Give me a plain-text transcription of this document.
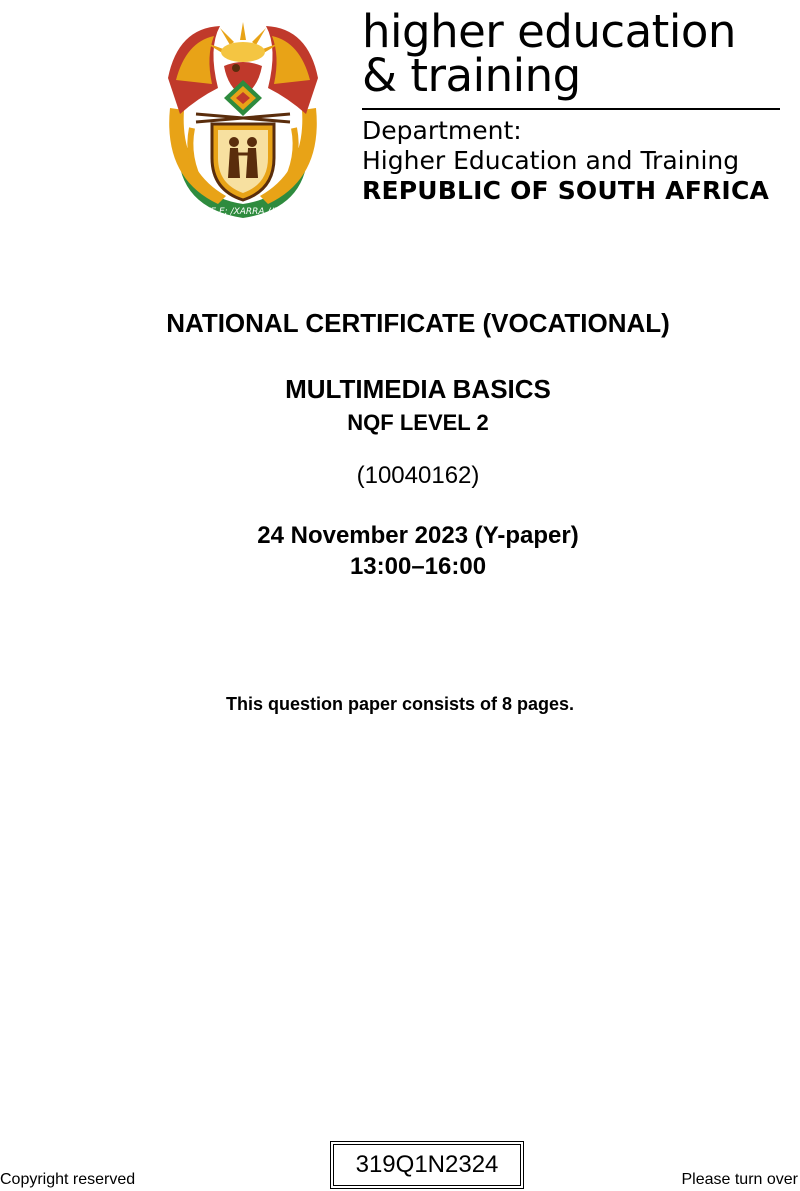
!KE E: /XARRA //KE
higher education
& training
Department:
Higher Education and Training
REPUBLIC OF SOUTH AFRICA
NATIONAL CERTIFICATE (VOCATIONAL)
MULTIMEDIA BASICS
NQF LEVEL 2
(10040162)
24 November 2023 (Y-paper)
13:00–16:00
This question paper consists of 8 pages.
Copyright reserved
319Q1N2324
Please turn over
